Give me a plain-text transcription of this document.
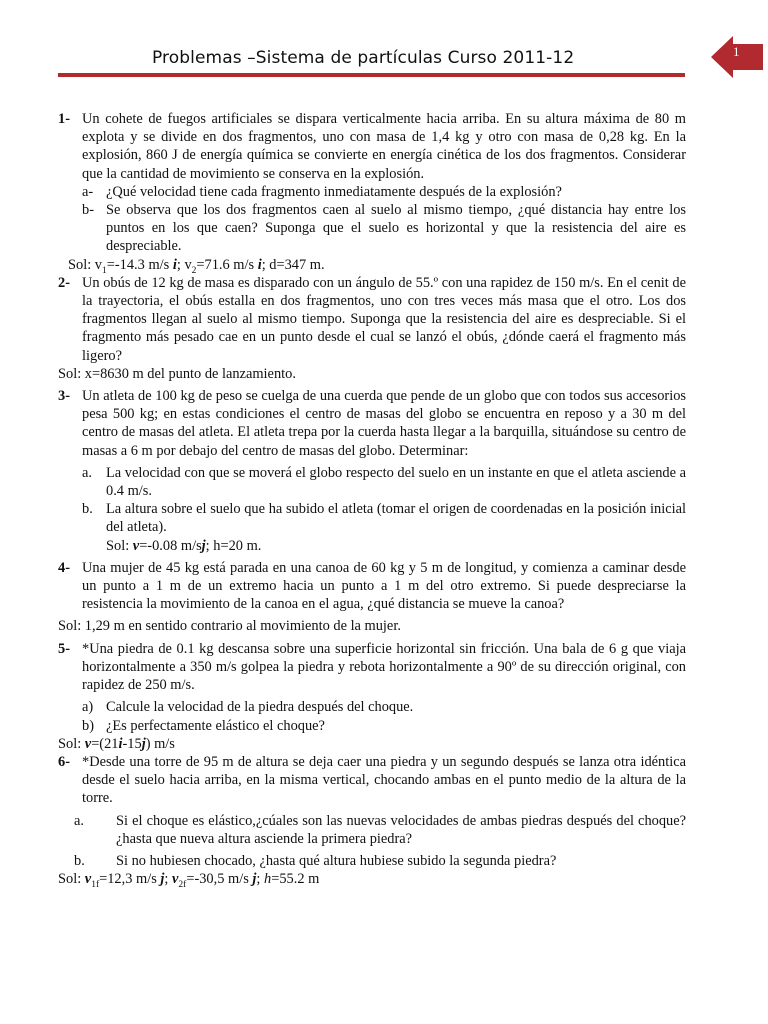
Problemas –Sistema de partículas Curso 2011-12	1
1- Un cohete de fuegos artificiales se dispara verticalmente hacia arriba. En su altura máxima de 80 m explota y se divide en dos fragmentos, uno con masa de 1,4 kg y otro con masa de 0,28 kg. En la explosión, 860 J de energía química se convierte en energía cinética de los dos fragmentos. Considerar que la cantidad de movimiento se conserva en la explosión.

a- ¿Qué velocidad tiene cada fragmento inmediatamente después de la explosión?

b- Se observa que los dos fragmentos caen al suelo al mismo tiempo, ¿qué distancia hay entre los puntos en los que caen? Suponga que el suelo es horizontal y que la resistencia del aire es despreciable.

Sol: $v_1=-14.3$ m/s i; $v_2=71.6$ m/s i; d=347 m.

2- Un obús de 12 kg de masa es disparado con un ángulo de 55.º con una rapidez de 150 m/s. En el cenit de la trayectoria, el obús estalla en dos fragmentos, uno con tres veces más masa que el otro. Los dos fragmentos llegan al suelo al mismo tiempo. Suponga que la resistencia del aire es despreciable. Si el fragmento más pesado cae en un punto desde el cual se lanzó el obús, ¿dónde caerá el fragmento más ligero?

Sol: x=8630 m del punto de lanzamiento.

3- Un atleta de 100 kg de peso se cuelga de una cuerda que pende de un globo que con todos sus accesorios pesa 500 kg; en estas condiciones el centro de masas del globo se encuentra en reposo y a 30 m del centro de masas del atleta. El atleta trepa por la cuerda hasta llegar a la barquilla, situándose su centro de masas a 6 m por debajo del centro de masas del globo. Determinar:

a. La velocidad con que se moverá el globo respecto del suelo en un instante en que el atleta asciende a 0.4 m/s.

b. La altura sobre el suelo que ha subido el atleta (tomar el origen de coordenadas en la posición inicial del atleta).

Sol: v=-0.08 m/sj; h=20 m.

4- Una mujer de 45 kg está parada en una canoa de 60 kg y 5 m de longitud, y comienza a caminar desde un punto a 1 m de un extremo hacia un punto a 1 m del otro extremo. Si puede despreciarse la resistencia la movimiento de la canoa en el agua, ¿qué distancia se mueve la canoa?

Sol: 1,29 m en sentido contrario al movimiento de la mujer.

5- *Una piedra de 0.1 kg descansa sobre una superficie horizontal sin fricción. Una bala de 6 g que viaja horizontalmente a 350 m/s golpea la piedra y rebota horizontalmente a 90º de su dirección original, con rapidez de 250 m/s.

a) Calcule la velocidad de la piedra después del choque.

b) ¿Es perfectamente elástico el choque?

Sol: v=(21i-15j) m/s

6- *Desde una torre de 95 m de altura se deja caer una piedra y un segundo después se lanza otra idéntica desde el suelo hacia arriba, en la misma vertical, chocando ambas en el punto medio de la altura de la torre.

a. Si el choque es elástico,¿cúales son las nuevas velocidades de ambas piedras después del choque? ¿hasta que nueva altura asciende la primera piedra?

b. Si no hubiesen chocado, ¿hasta qué altura hubiese subido la segunda piedra?

Sol: $v_{1f}=12,3$ m/s j; $v_{2f}=-30,5$ m/s j; h=55.2 m
